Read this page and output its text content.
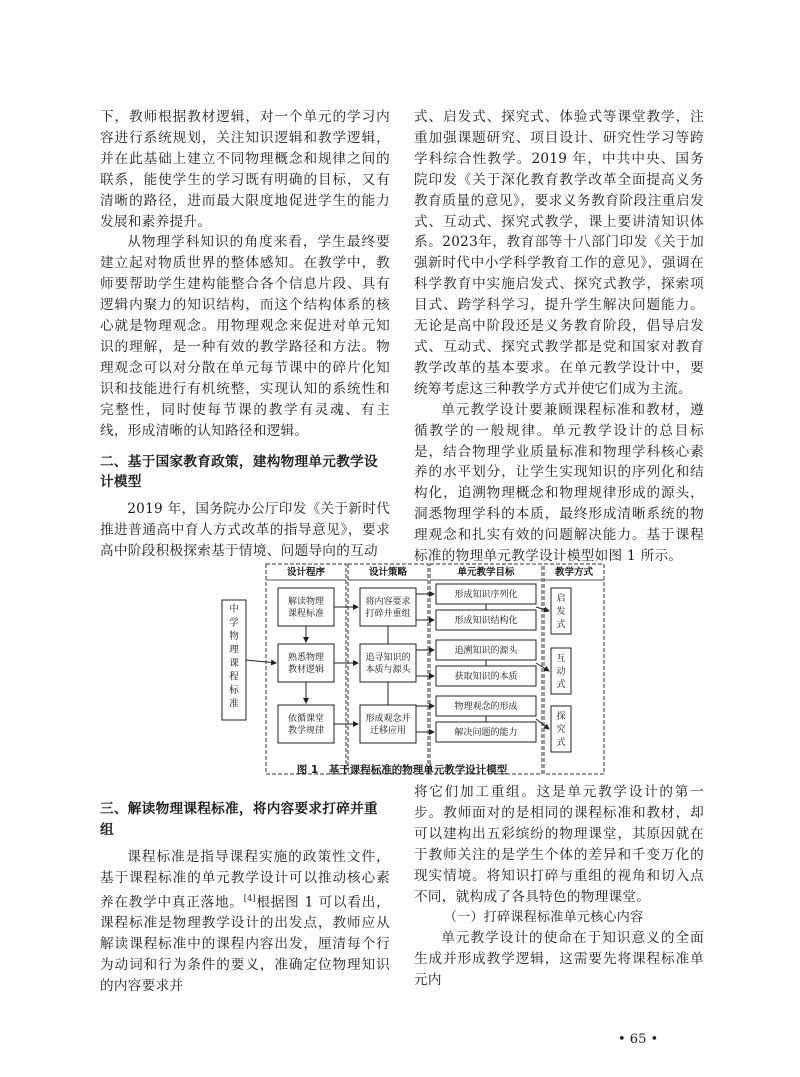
下，教师根据教材逻辑，对一个单元的学习内容进行系统规划，关注知识逻辑和教学逻辑，并在此基础上建立不同物理概念和规律之间的联系，能使学生的学习既有明确的目标，又有清晰的路径，进而最大限度地促进学生的能力发展和素养提升。

从物理学科知识的角度来看，学生最终要建立起对物质世界的整体感知。在教学中，教师要帮助学生建构能整合各个信息片段、具有逻辑内聚力的知识结构，而这个结构体系的核心就是物理观念。用物理观念来促进对单元知识的理解，是一种有效的教学路径和方法。物理观念可以对分散在单元每节课中的碎片化知识和技能进行有机统整，实现认知的系统性和完整性，同时使每节课的教学有灵魂、有主线，形成清晰的认知路径和逻辑。

二、基于国家教育政策，建构物理单元教学设计模型

2019 年，国务院办公厅印发《关于新时代推进普通高中育人方式改革的指导意见》，要求高中阶段积极探索基于情境、问题导向的互动

式、启发式、探究式、体验式等课堂教学，注重加强课题研究、项目设计、研究性学习等跨学科综合性教学。2019 年，中共中央、国务院印发《关于深化教育教学改革全面提高义务教育质量的意见》，要求义务教育阶段注重启发式、互动式、探究式教学，课上要讲清知识体系。2023年，教育部等十八部门印发《关于加强新时代中小学科学教育工作的意见》，强调在科学教育中实施启发式、探究式教学，探索项目式、跨学科学习，提升学生解决问题能力。无论是高中阶段还是义务教育阶段，倡导启发式、互动式、探究式教学都是党和国家对教育教学改革的基本要求。在单元教学设计中，要统筹考虑这三种教学方式并使它们成为主流。

单元教学设计要兼顾课程标准和教材，遵循教学的一般规律。单元教学设计的总目标是，结合物理学业质量标准和物理学科核心素养的水平划分，让学生实现知识的序列化和结构化，追溯物理概念和物理规律形成的源头，洞悉物理学科的本质，最终形成清晰系统的物理观念和扎实有效的问题解决能力。基于课程标准的物理单元教学设计模型如图 1 所示。

设计程序	设计策略	单元教学目标	教学方式
中学物理课程标准
解读物理
课程标准
熟悉物理
教材逻辑
依循课堂
教学规律
将内容要求
打碎并重组
追寻知识的
本质与源头
形成观念并
迁移应用
形成知识序列化
形成知识结构化
追溯知识的源头
获取知识的本质
物理观念的形成
解决问题的能力
启发式
互动式
探究式
图 1　基于课程标准的物理单元教学设计模型
三、解读物理课程标准，将内容要求打碎并重组

课程标准是指导课程实施的政策性文件，基于课程标准的单元教学设计可以推动核心素养在教学中真正落地。[4]根据图 1 可以看出，课程标准是物理教学设计的出发点，教师应从解读课程标准中的课程内容出发，厘清每个行为动词和行为条件的要义，准确定位物理知识的内容要求并

将它们加工重组。这是单元教学设计的第一步。教师面对的是相同的课程标准和教材，却可以建构出五彩缤纷的物理课堂，其原因就在于教师关注的是学生个体的差异和千变万化的现实情境。将知识打碎与重组的视角和切入点不同，就构成了各具特色的物理课堂。

（一）打碎课程标准单元核心内容

单元教学设计的使命在于知识意义的全面生成并形成教学逻辑，这需要先将课程标准单元内

• 65 •
